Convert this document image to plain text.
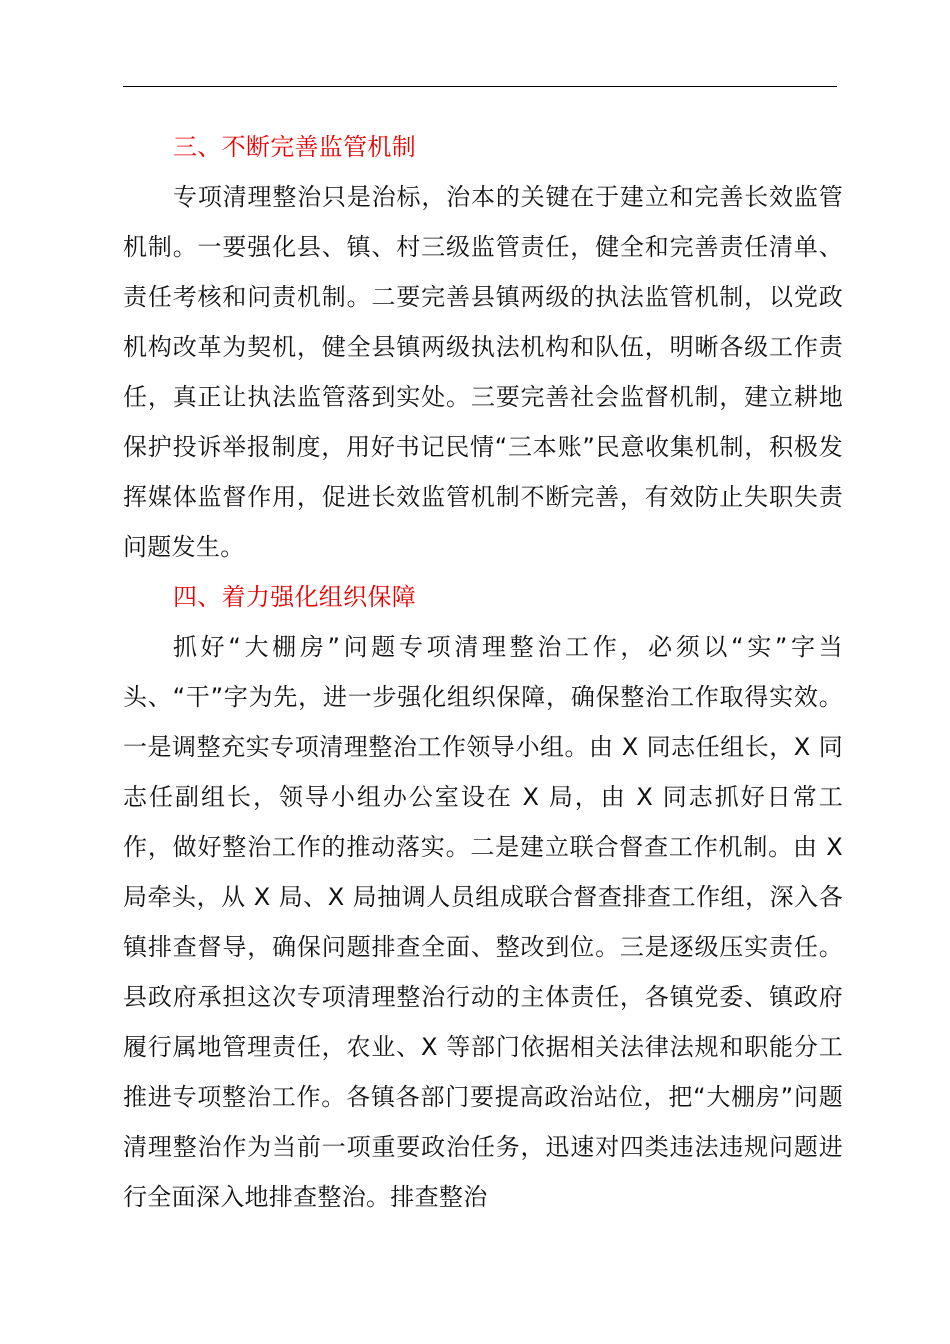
三、不断完善监管机制

专项清理整治只是治标，治本的关键在于建立和完善长效监管机制。一要强化县、镇、村三级监管责任，健全和完善责任清单、责任考核和问责机制。二要完善县镇两级的执法监管机制，以党政机构改革为契机，健全县镇两级执法机构和队伍，明晰各级工作责任，真正让执法监管落到实处。三要完善社会监督机制，建立耕地保护投诉举报制度，用好书记民情“三本账”民意收集机制，积极发挥媒体监督作用，促进长效监管机制不断完善，有效防止失职失责问题发生。

四、着力强化组织保障

抓好“大棚房”问题专项清理整治工作，必须以“实”字当头、“干”字为先，进一步强化组织保障，确保整治工作取得实效。一是调整充实专项清理整治工作领导小组。由 X 同志任组长，X 同志任副组长，领导小组办公室设在 X 局，由 X 同志抓好日常工作，做好整治工作的推动落实。二是建立联合督查工作机制。由 X 局牵头，从 X 局、X 局抽调人员组成联合督查排查工作组，深入各镇排查督导，确保问题排查全面、整改到位。三是逐级压实责任。县政府承担这次专项清理整治行动的主体责任，各镇党委、镇政府履行属地管理责任，农业、X 等部门依据相关法律法规和职能分工推进专项整治工作。各镇各部门要提高政治站位，把“大棚房”问题清理整治作为当前一项重要政治任务，迅速对四类违法违规问题进行全面深入地排查整治。排查整治
